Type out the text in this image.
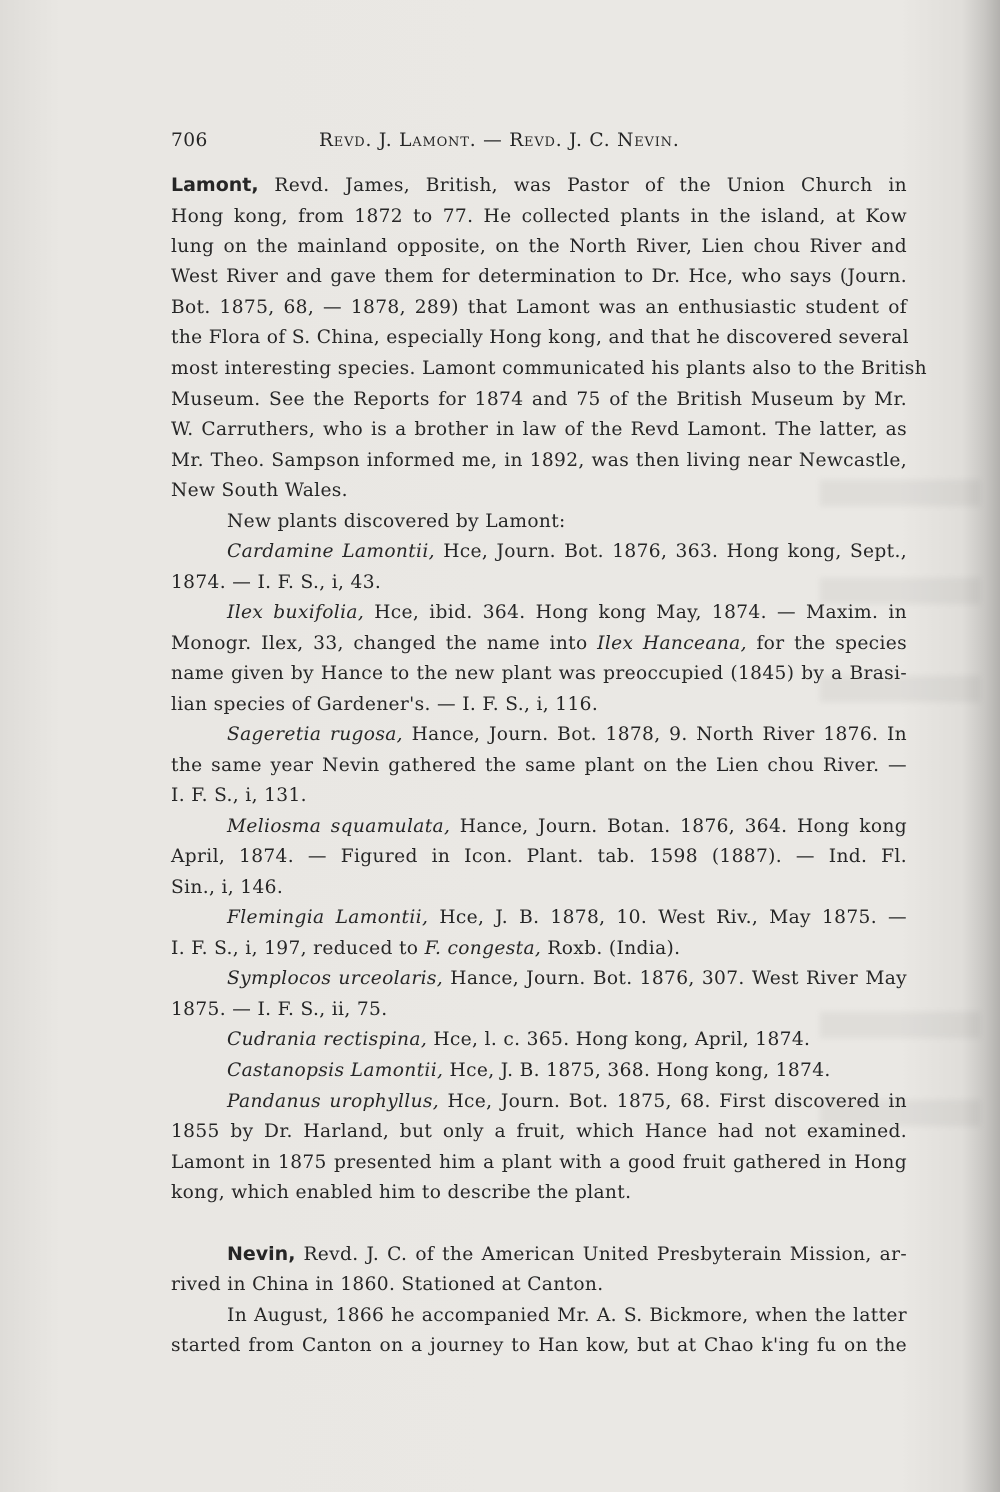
706	Revd. J. Lamont. — Revd. J. C. Nevin.
Lamont, Revd. James, British, was Pastor of the Union Church in
Hong kong, from 1872 to 77. He collected plants in the island, at Kow
lung on the mainland opposite, on the North River, Lien chou River and
West River and gave them for determination to Dr. Hce, who says (Journ.
Bot. 1875, 68, — 1878, 289) that Lamont was an enthusiastic student of
the Flora of S. China, especially Hong kong, and that he discovered several
most interesting species. Lamont communicated his plants also to the British
Museum. See the Reports for 1874 and 75 of the British Museum by Mr.
W. Carruthers, who is a brother in law of the Revd Lamont. The latter, as
Mr. Theo. Sampson informed me, in 1892, was then living near Newcastle,
New South Wales.
New plants discovered by Lamont:
Cardamine Lamontii, Hce, Journ. Bot. 1876, 363. Hong kong, Sept.,
1874. — I. F. S., i, 43.
Ilex buxifolia, Hce, ibid. 364. Hong kong May, 1874. — Maxim. in
Monogr. Ilex, 33, changed the name into Ilex Hanceana, for the species
name given by Hance to the new plant was preoccupied (1845) by a Brasi-
lian species of Gardener's. — I. F. S., i, 116.
Sageretia rugosa, Hance, Journ. Bot. 1878, 9. North River 1876. In
the same year Nevin gathered the same plant on the Lien chou River. —
I. F. S., i, 131.
Meliosma squamulata, Hance, Journ. Botan. 1876, 364. Hong kong
April, 1874. — Figured in Icon. Plant. tab. 1598 (1887). — Ind. Fl.
Sin., i, 146.
Flemingia Lamontii, Hce, J. B. 1878, 10. West Riv., May 1875. —
I. F. S., i, 197, reduced to F. congesta, Roxb. (India).
Symplocos urceolaris, Hance, Journ. Bot. 1876, 307. West River May
1875. — I. F. S., ii, 75.
Cudrania rectispina, Hce, l. c. 365. Hong kong, April, 1874.
Castanopsis Lamontii, Hce, J. B. 1875, 368. Hong kong, 1874.
Pandanus urophyllus, Hce, Journ. Bot. 1875, 68. First discovered in
1855 by Dr. Harland, but only a fruit, which Hance had not examined.
Lamont in 1875 presented him a plant with a good fruit gathered in Hong
kong, which enabled him to describe the plant.
Nevin, Revd. J. C. of the American United Presbyterain Mission, ar-
rived in China in 1860. Stationed at Canton.
In August, 1866 he accompanied Mr. A. S. Bickmore, when the latter
started from Canton on a journey to Han kow, but at Chao k'ing fu on the
